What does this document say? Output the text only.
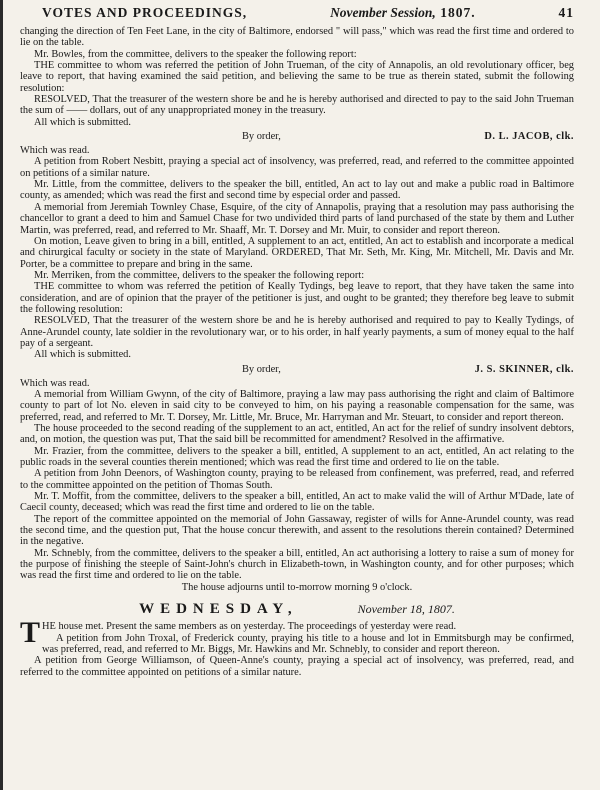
VOTES AND PROCEEDINGS,	November Session, 1807.	41

changing the direction of Ten Feet Lane, in the city of Baltimore, endorsed " will pass," which was read the first time and ordered to lie on the table.

Mr. Bowles, from the committee, delivers to the speaker the following report:

THE committee to whom was referred the petition of John Trueman, of the city of Annapolis, an old revolutionary officer, beg leave to report, that having examined the said petition, and believing the same to be true as therein stated, submit the following resolution:

RESOLVED, That the treasurer of the western shore be and he is hereby authorised and directed to pay to the said John Trueman the sum of —— dollars, out of any unappropriated money in the treasury.

All which is submitted.

By order,	D. L. JACOB, clk.

Which was read.

A petition from Robert Nesbitt, praying a special act of insolvency, was preferred, read, and referred to the committee appointed on petitions of a similar nature.

Mr. Little, from the committee, delivers to the speaker the bill, entitled, An act to lay out and make a public road in Baltimore county, as amended; which was read the first and second time by especial order and passed.

A memorial from Jeremiah Townley Chase, Esquire, of the city of Annapolis, praying that a resolution may pass authorising the chancellor to grant a deed to him and Samuel Chase for two undivided third parts of land purchased of the state by them and Luther Martin, was preferred, read, and referred to Mr. Shaaff, Mr. T. Dorsey and Mr. Muir, to consider and report thereon.

On motion, Leave given to bring in a bill, entitled, A supplement to an act, entitled, An act to establish and incorporate a medical and chirurgical faculty or society in the state of Maryland. ORDERED, That Mr. Seth, Mr. King, Mr. Mitchell, Mr. Davis and Mr. Porter, be a committee to prepare and bring in the same.

Mr. Merriken, from the committee, delivers to the speaker the following report:

THE committee to whom was referred the petition of Keally Tydings, beg leave to report, that they have taken the same into consideration, and are of opinion that the prayer of the petitioner is just, and ought to be granted; they therefore beg leave to submit the following resolution:

RESOLVED, That the treasurer of the western shore be and he is hereby authorised and required to pay to Keally Tydings, of Anne-Arundel county, late soldier in the revolutionary war, or to his order, in half yearly payments, a sum of money equal to the half pay of a sergeant.

All which is submitted.

By order,	J. S. SKINNER, clk.

Which was read.

A memorial from William Gwynn, of the city of Baltimore, praying a law may pass authorising the right and claim of Baltimore county to part of lot No. eleven in said city to be conveyed to him, on his paying a reasonable compensation for the same, was preferred, read, and referred to Mr. T. Dorsey, Mr. Little, Mr. Bruce, Mr. Harryman and Mr. Steuart, to consider and report thereon.

The house proceeded to the second reading of the supplement to an act, entitled, An act for the relief of sundry insolvent debtors, and, on motion, the question was put, That the said bill be recommitted for amendment? Resolved in the affirmative.

Mr. Frazier, from the committee, delivers to the speaker a bill, entitled, A supplement to an act, entitled, An act relating to the public roads in the several counties therein mentioned; which was read the first time and ordered to lie on the table.

A petition from John Deenors, of Washington county, praying to be released from confinement, was preferred, read, and referred to the committee appointed on the petition of Thomas South.

Mr. T. Moffit, from the committee, delivers to the speaker a bill, entitled, An act to make valid the will of Arthur M'Dade, late of Caecil county, deceased; which was read the first time and ordered to lie on the table.

The report of the committee appointed on the memorial of John Gassaway, register of wills for Anne-Arundel county, was read the second time, and the question put, That the house concur therewith, and assent to the resolutions therein contained? Determined in the negative.

Mr. Schnebly, from the committee, delivers to the speaker a bill, entitled, An act authorising a lottery to raise a sum of money for the purpose of finishing the steeple of Saint-John's church in Elizabeth-town, in Washington county, and for other purposes; which was read the first time and ordered to lie on the table.

The house adjourns until to-morrow morning 9 o'clock.

WEDNESDAY,	November 18, 1807.

THE house met. Present the same members as on yesterday. The proceedings of yesterday were read.

A petition from John Troxal, of Frederick county, praying his title to a house and lot in Emmitsburgh may be confirmed, was preferred, read, and referred to Mr. Biggs, Mr. Hawkins and Mr. Schnebly, to consider and report thereon.

A petition from George Williamson, of Queen-Anne's county, praying a special act of insolvency, was preferred, read, and referred to the committee appointed on petitions of a similar nature.
